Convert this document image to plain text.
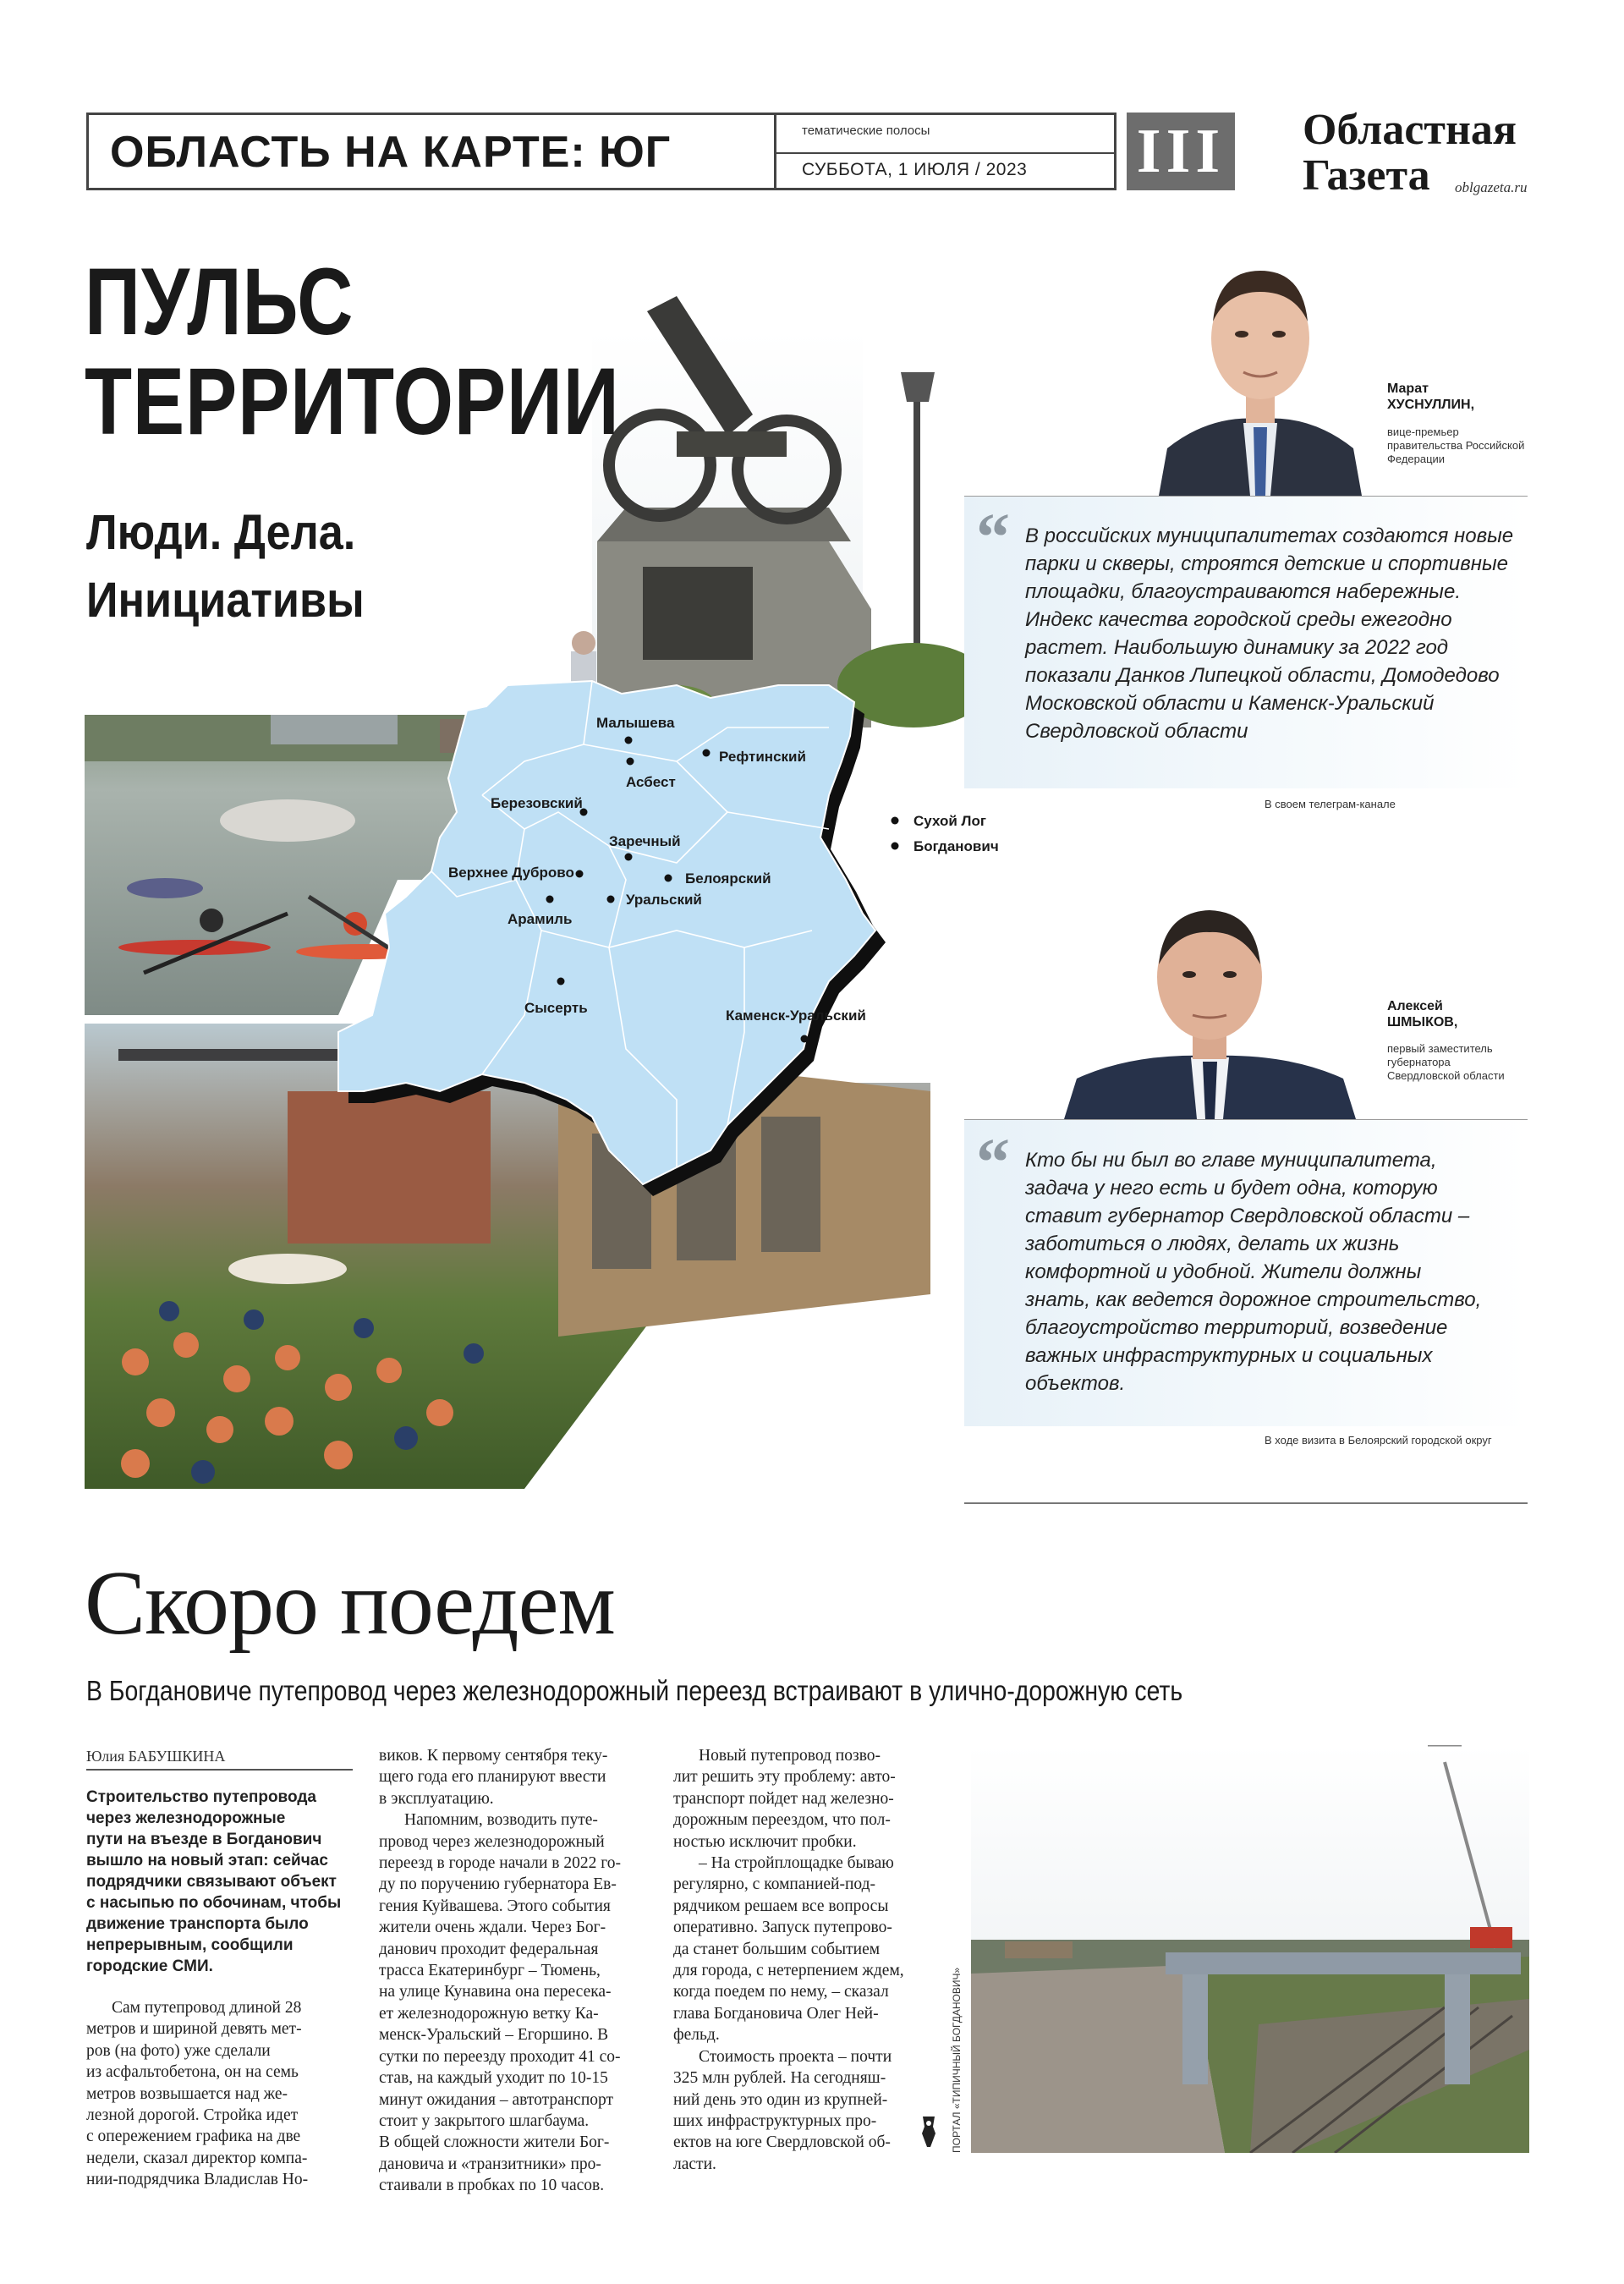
ОБЛАСТЬ НА КАРТЕ: ЮГ	тематические полосы
СУББОТА, 1 ИЮЛЯ / 2023 III Областная
Газета oblgazeta.ru
Малышева
Асбест
Рефтинский
Березовский
Сухой Лог
Богданович
Заречный
Верхнее Дуброво	Белоярский
Уральский
Арамиль
Сысерть	Каменск-Уральский
ПУЛЬС
ТЕРРИТОРИИ
Люди. Дела.
Инициативы
Марат
ХУСНУЛЛИН,
вице-премьер
правительства Российской
Федерации
“ В российских муниципалитетах создаются новые
парки и скверы, строятся детские и спортивные
площадки, благоустраиваются набережные.
Индекс качества городской среды ежегодно
растет. Наибольшую динамику за 2022 год
показали Данков Липецкой области, Домодедово
Московской области и Каменск-Уральский
Свердловской области
В своем телеграм-канале
Алексей
ШМЫКОВ,
первый заместитель
губернатора
Свердловской области
“ Кто бы ни был во главе муниципалитета,
задача у него есть и будет одна, которую
ставит губернатор Свердловской области –
заботиться о людях, делать их жизнь
комфортной и удобной. Жители должны
знать, как ведется дорожное строительство,
благоустройство территорий, возведение
важных инфраструктурных и социальных
объектов.
В ходе визита в Белоярский городской округ
Скоро поедем
В Богдановиче путепровод через железнодорожный переезд встраивают в улично-дорожную сеть
Юлия БАБУШКИНА
Строительство путепровода
через железнодорожные
пути на въезде в Богданович
вышло на новый этап: сейчас
подрядчики связывают объект
с насыпью по обочинам, чтобы
движение транспорта было
непрерывным, сообщили
городские СМИ.
Сам путепровод длиной 28
метров и шириной девять мет-
ров (на фото) уже сделали
из асфальтобетона, он на семь
метров возвышается над же-
лезной дорогой. Стройка идет
с опережением графика на две
недели, сказал директор компа-
нии-подрядчика Владислав Но-
виков. К первому сентября теку-
щего года его планируют ввести
в эксплуатацию.
Напомним, возводить путе-
провод через железнодорожный
переезд в городе начали в 2022 го-
ду по поручению губернатора Ев-
гения Куйвашева. Этого события
жители очень ждали. Через Бог-
данович проходит федеральная
трасса Екатеринбург – Тюмень,
на улице Кунавина она пересека-
ет железнодорожную ветку Ка-
менск-Уральский – Егоршино. В
сутки по переезду проходит 41 со-
став, на каждый уходит по 10-15
минут ожидания – автотранспорт
стоит у закрытого шлагбаума.
В общей сложности жители Бог-
дановича и «транзитники» про-
стаивали в пробках по 10 часов.
Новый путепровод позво-
лит решить эту проблему: авто-
транспорт пойдет над железно-
дорожным переездом, что пол-
ностью исключит пробки.
– На стройплощадке бываю
регулярно, с компанией-под-
рядчиком решаем все вопросы
оперативно. Запуск путепрово-
да станет большим событием
для города, с нетерпением ждем,
когда поедем по нему, – сказал
глава Богдановича Олег Ней-
фельд.
Стоимость проекта – почти
325 млн рублей. На сегодняш-
ний день это один из крупней-
ших инфраструктурных про-
ектов на юге Свердловской об-
ласти.
ПОРТАЛ «ТИПИЧНЫЙ БОГДАНОВИЧ»
